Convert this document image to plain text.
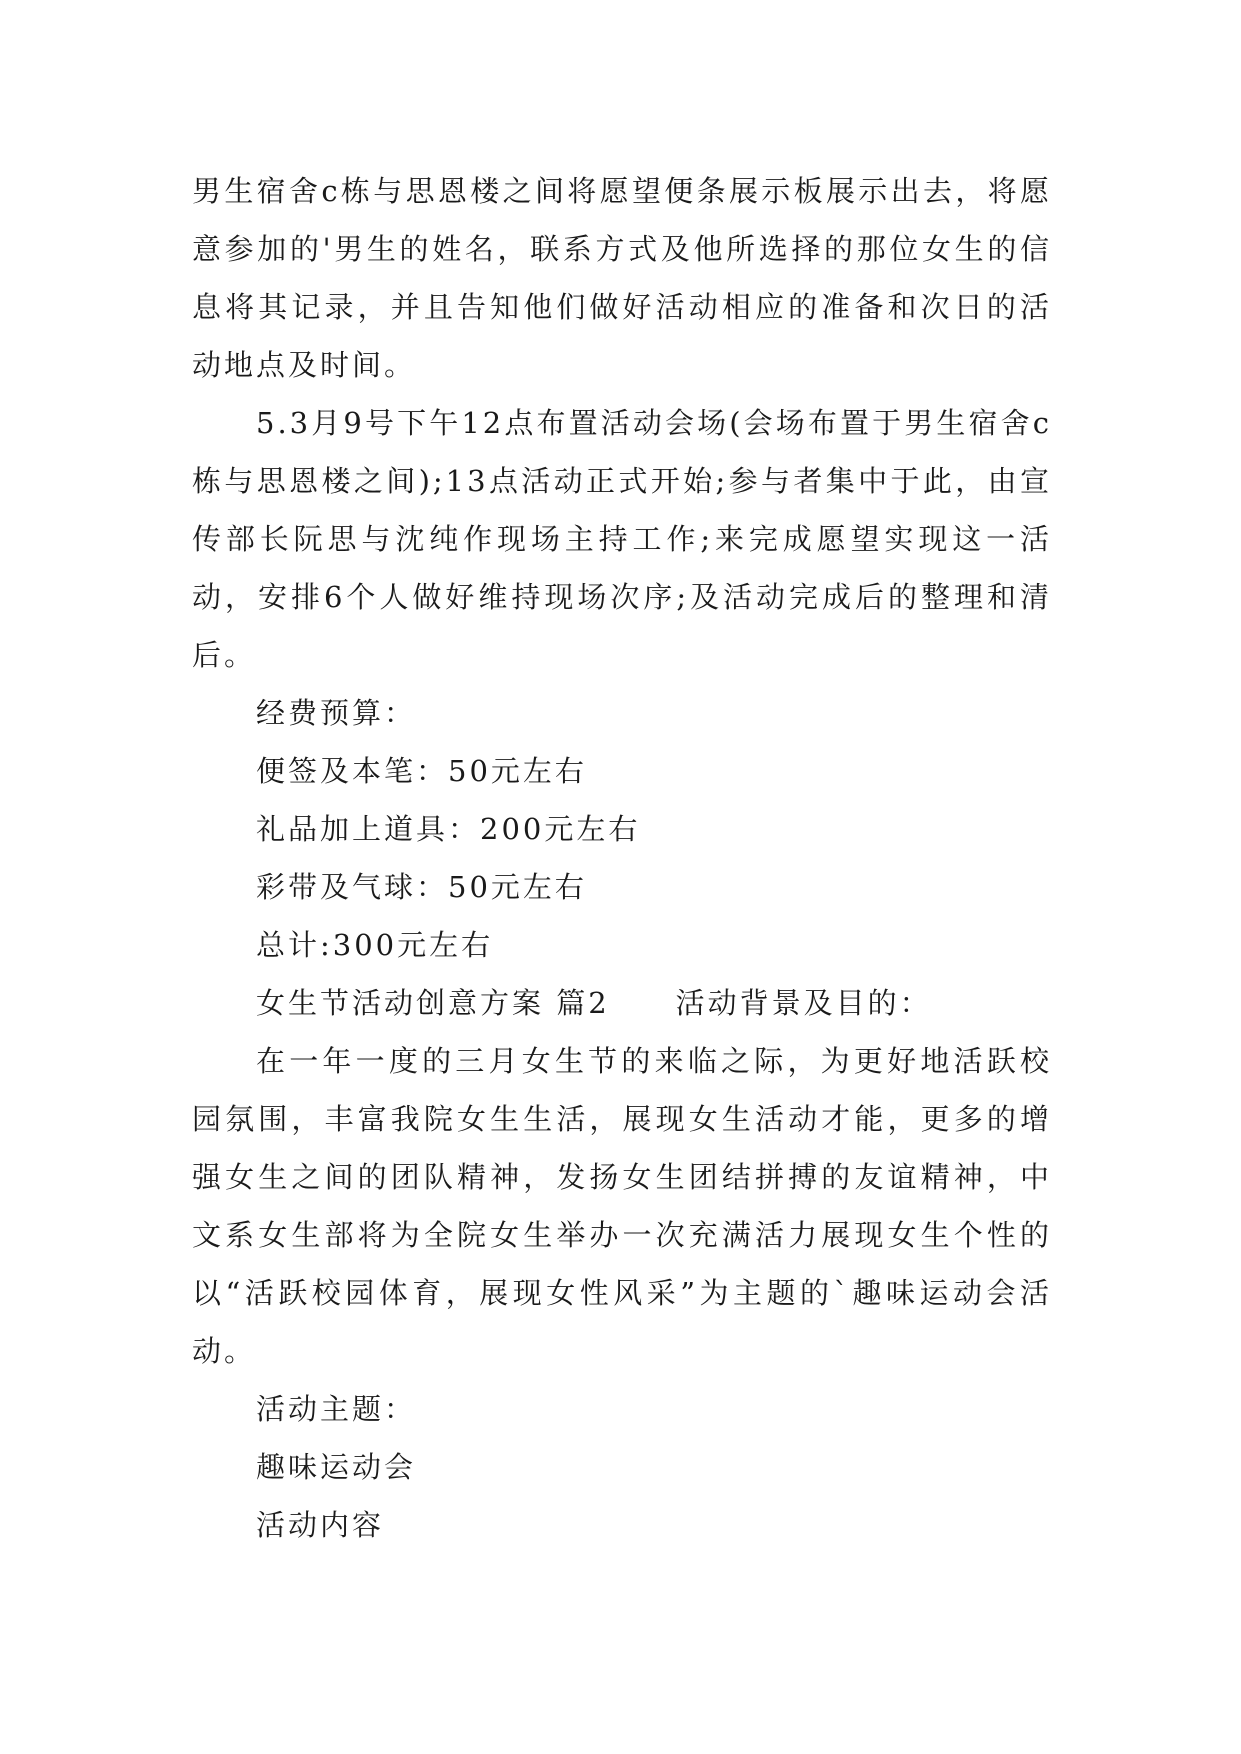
男生宿舍c栋与思恩楼之间将愿望便条展示板展示出去，将愿意参加的'男生的姓名，联系方式及他所选择的那位女生的信息将其记录，并且告知他们做好活动相应的准备和次日的活动地点及时间。

5.3月9号下午12点布置活动会场(会场布置于男生宿舍c栋与思恩楼之间);13点活动正式开始;参与者集中于此，由宣传部长阮思与沈纯作现场主持工作;来完成愿望实现这一活动，安排6个人做好维持现场次序;及活动完成后的整理和清后。

经费预算：

便签及本笔：50元左右

礼品加上道具：200元左右

彩带及气球：50元左右

总计:300元左右

女生节活动创意方案 篇2 活动背景及目的：

在一年一度的三月女生节的来临之际，为更好地活跃校园氛围，丰富我院女生生活，展现女生活动才能，更多的增强女生之间的团队精神，发扬女生团结拼搏的友谊精神，中文系女生部将为全院女生举办一次充满活力展现女生个性的以“活跃校园体育，展现女性风采”为主题的`趣味运动会活动。

活动主题：

趣味运动会

活动内容
